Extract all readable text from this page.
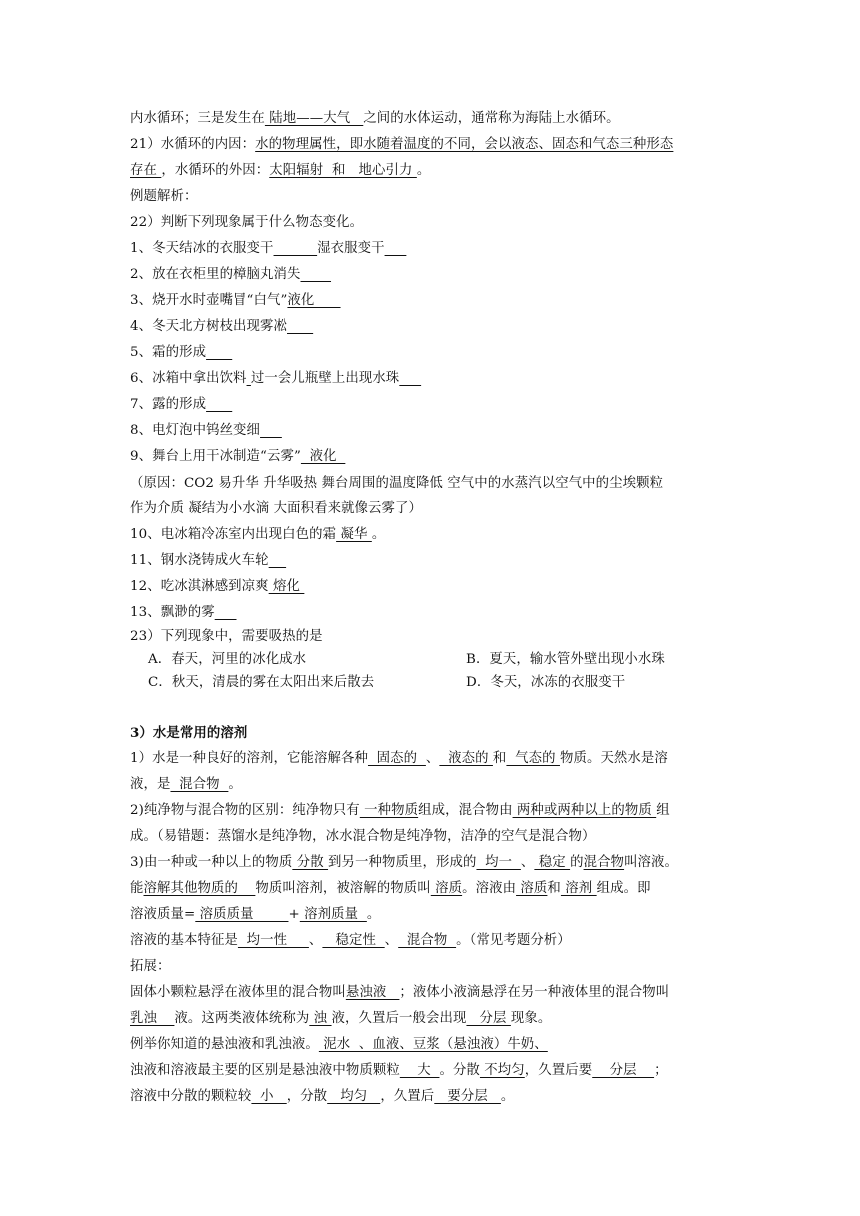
内水循环；三是发生在 陆地——大气   之间的水体运动，通常称为海陆上水循环。
21）水循环的内因：水的物理属性，即水随着温度的不同，会以液态、固态和气态三种形态
存在 ，水循环的外因：太阳辐射  和   地心引力 。
例题解析：
22）判断下列现象属于什么物态变化。
1、冬天结冰的衣服变干	湿衣服变干
2、放在衣柜里的樟脑丸消失
3、烧开水时壶嘴冒“白气”液化
4、冬天北方树枝出现雾凇
5、霜的形成
6、冰箱中拿出饮料 过一会儿瓶壁上出现水珠
7、露的形成
8、电灯泡中钨丝变细
9、舞台上用干冰制造“云雾”  液化
（原因：CO2 易升华 升华吸热 舞台周围的温度降低 空气中的水蒸汽以空气中的尘埃颗粒
作为介质 凝结为小水滴 大面积看来就像云雾了）
10、电冰箱冷冻室内出现白色的霜 凝华 。
11、钢水浇铸成火车轮
12、吃冰淇淋感到凉爽 熔化
13、飘渺的雾
23）下列现象中，需要吸热的是
A．春天，河里的冰化成水	B．夏天，输水管外壁出现小水珠
C．秋天，清晨的雾在太阳出来后散去	D．冬天，冰冻的衣服变干
3）水是常用的溶剂
1）水是一种良好的溶剂，它能溶解各种  固态的  、  液态的 和  气态的 物质。天然水是溶
液，是  混合物  。
2)纯净物与混合物的区别：纯净物只有 一种物质组成，混合物由 两种或两种以上的物质 组
成。（易错题：蒸馏水是纯净物，冰水混合物是纯净物，洁净的空气是混合物）
3)由一种或一种以上的物质 分散 到另一种物质里，形成的  均一  、 稳定 的混合物叫溶液。
能溶解其他物质的    物质叫溶剂，被溶解的物质叫 溶质。溶液由 溶质和 溶剂 组成。即
溶液质量= 溶质质量        + 溶剂质量  。
溶液的基本特征是  均一性     、   稳定性  、  混合物  。（常见考题分析）
拓展：
固体小颗粒悬浮在液体里的混合物叫悬浊液   ；液体小液滴悬浮在另一种液体里的混合物叫
乳浊    液。这两类液体统称为 浊 液，久置后一般会出现   分层 现象。
例举你知道的悬浊液和乳浊液。 泥水  、血液、豆浆（悬浊液）牛奶、
浊液和溶液最主要的区别是悬浊液中物质颗粒    大  。分散 不均匀，久置后要    分层    ；
溶液中分散的颗粒较  小   ，分散   均匀   ，久置后   要分层   。
